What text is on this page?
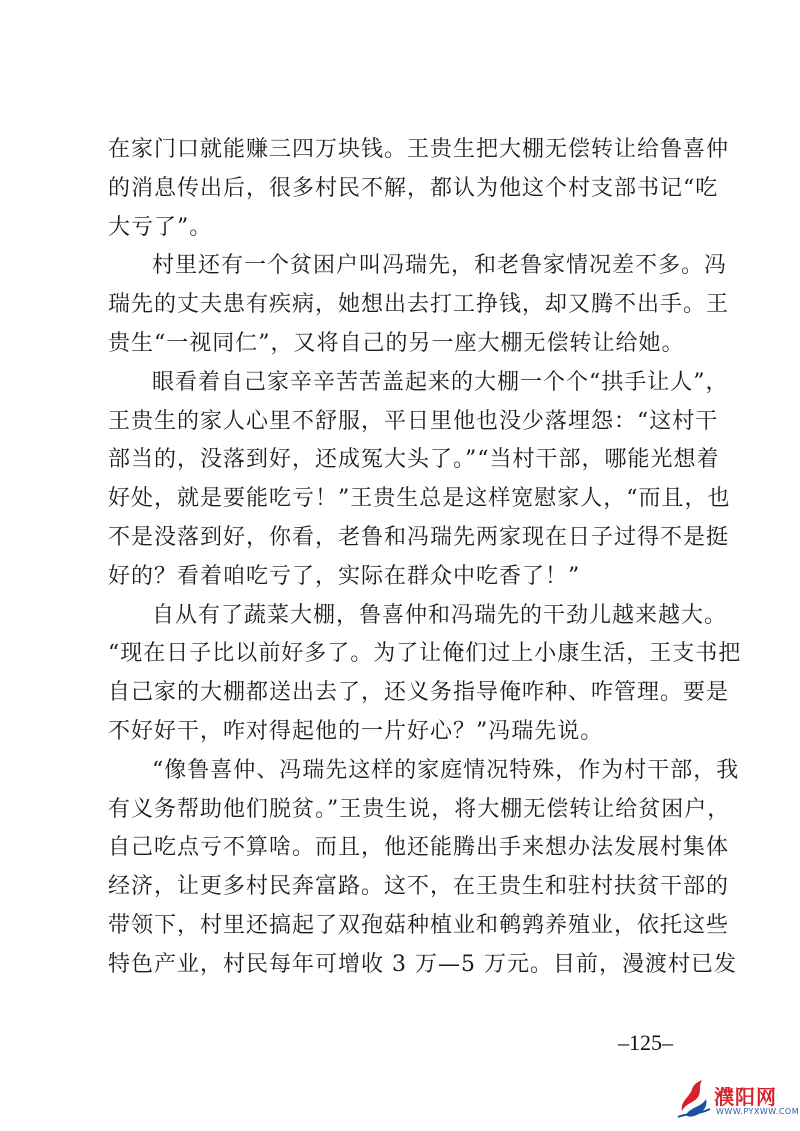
在家门口就能赚三四万块钱。王贵生把大棚无偿转让给鲁喜仲
的消息传出后，很多村民不解，都认为他这个村支部书记“吃
大亏了”。
村里还有一个贫困户叫冯瑞先，和老鲁家情况差不多。冯
瑞先的丈夫患有疾病，她想出去打工挣钱，却又腾不出手。王
贵生“一视同仁”，又将自己的另一座大棚无偿转让给她。
眼看着自己家辛辛苦苦盖起来的大棚一个个“拱手让人”，
王贵生的家人心里不舒服，平日里他也没少落埋怨：“这村干
部当的，没落到好，还成冤大头了。”“当村干部，哪能光想着
好处，就是要能吃亏！”王贵生总是这样宽慰家人，“而且，也
不是没落到好，你看，老鲁和冯瑞先两家现在日子过得不是挺
好的？看着咱吃亏了，实际在群众中吃香了！”
自从有了蔬菜大棚，鲁喜仲和冯瑞先的干劲儿越来越大。
“现在日子比以前好多了。为了让俺们过上小康生活，王支书把
自己家的大棚都送出去了，还义务指导俺咋种、咋管理。要是
不好好干，咋对得起他的一片好心？”冯瑞先说。
“像鲁喜仲、冯瑞先这样的家庭情况特殊，作为村干部，我
有义务帮助他们脱贫。”王贵生说，将大棚无偿转让给贫困户，
自己吃点亏不算啥。而且，他还能腾出手来想办法发展村集体
经济，让更多村民奔富路。这不，在王贵生和驻村扶贫干部的
带领下，村里还搞起了双孢菇种植业和鹌鹑养殖业，依托这些
特色产业，村民每年可增收 3 万—5 万元。目前，漫渡村已发
–125–
濮阳网
WWW.PYXWW.COM
